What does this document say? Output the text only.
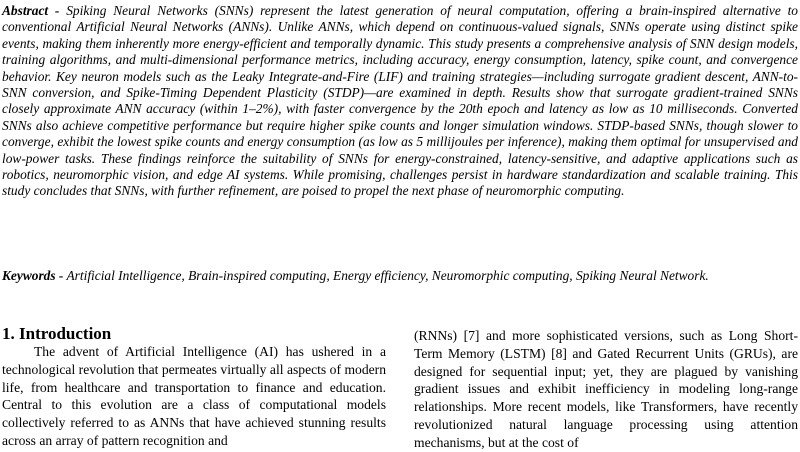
Abstract - Spiking Neural Networks (SNNs) represent the latest generation of neural computation, offering a brain-inspired alternative to conventional Artificial Neural Networks (ANNs). Unlike ANNs, which depend on continuous-valued signals, SNNs operate using distinct spike events, making them inherently more energy-efficient and temporally dynamic. This study presents a comprehensive analysis of SNN design models, training algorithms, and multi-dimensional performance metrics, including accuracy, energy consumption, latency, spike count, and convergence behavior. Key neuron models such as the Leaky Integrate-and-Fire (LIF) and training strategies—including surrogate gradient descent, ANN-to-SNN conversion, and Spike-Timing Dependent Plasticity (STDP)—are examined in depth. Results show that surrogate gradient-trained SNNs closely approximate ANN accuracy (within 1–2%), with faster convergence by the 20th epoch and latency as low as 10 milliseconds. Converted SNNs also achieve competitive performance but require higher spike counts and longer simulation windows. STDP-based SNNs, though slower to converge, exhibit the lowest spike counts and energy consumption (as low as 5 millijoules per inference), making them optimal for unsupervised and low-power tasks. These findings reinforce the suitability of SNNs for energy-constrained, latency-sensitive, and adaptive applications such as robotics, neuromorphic vision, and edge AI systems. While promising, challenges persist in hardware standardization and scalable training. This study concludes that SNNs, with further refinement, are poised to propel the next phase of neuromorphic computing.

Keywords - Artificial Intelligence, Brain-inspired computing, Energy efficiency, Neuromorphic computing, Spiking Neural Network.

1. Introduction

The advent of Artificial Intelligence (AI) has ushered in a technological revolution that permeates virtually all aspects of modern life, from healthcare and transportation to finance and education. Central to this evolution are a class of computational models collectively referred to as ANNs that have achieved stunning results across an array of pattern recognition and

(RNNs) [7] and more sophisticated versions, such as Long Short-Term Memory (LSTM) [8] and Gated Recurrent Units (GRUs), are designed for sequential input; yet, they are plagued by vanishing gradient issues and exhibit inefficiency in modeling long-range relationships. More recent models, like Transformers, have recently revolutionized natural language processing using attention mechanisms, but at the cost of
